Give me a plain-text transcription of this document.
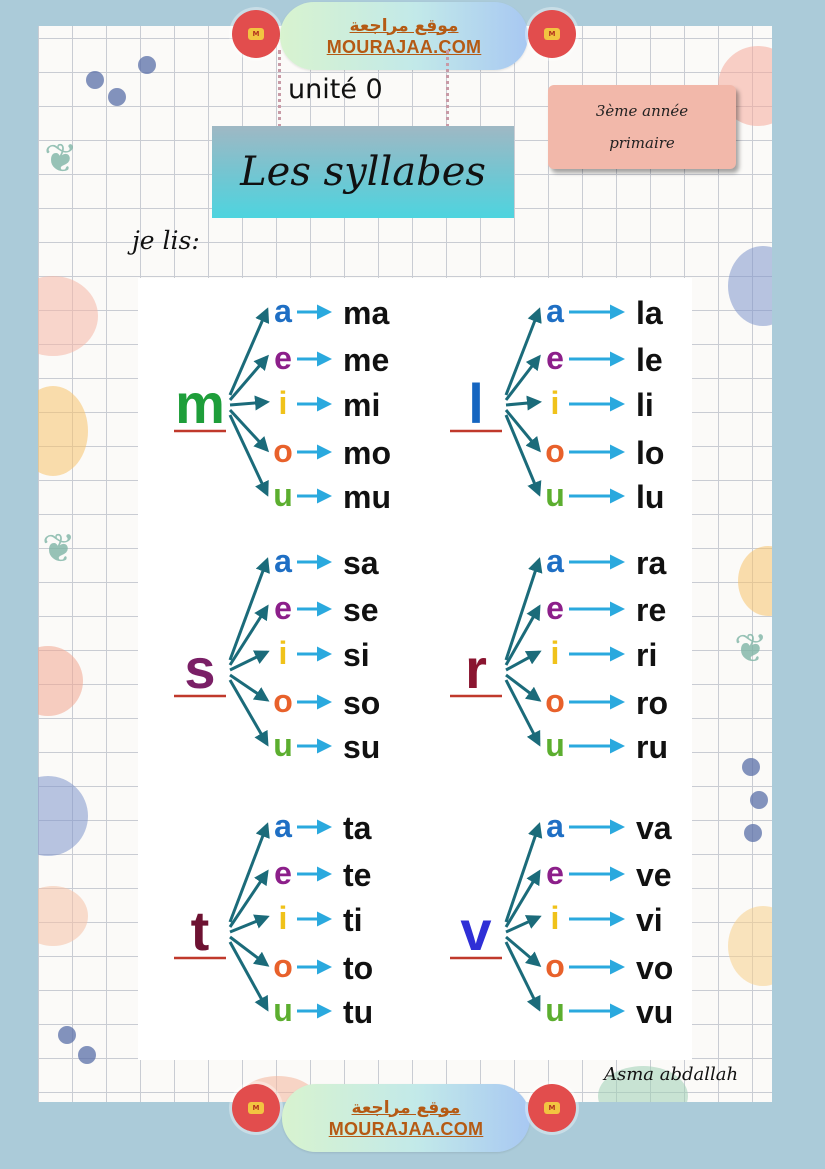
❦
❦
❦
M	موقع مراجعة
MOURAJAA.COM
M
unité 0
Les syllabes
3ème année
primaire
je lis:
m
a ma
e me
i mi
o mo
u mu
l
a la
e le
i li
o lo
u lu
s
a sa
e se
i si
o so
u su
r
a ra
e re
i ri
o ro
u ru
t
a ta
e te
i ti
o to
u tu
v
a va
e ve
i vi
o vo
u vu
Asma abdallah
M	موقع مراجعة
MOURAJAA.COM
M
